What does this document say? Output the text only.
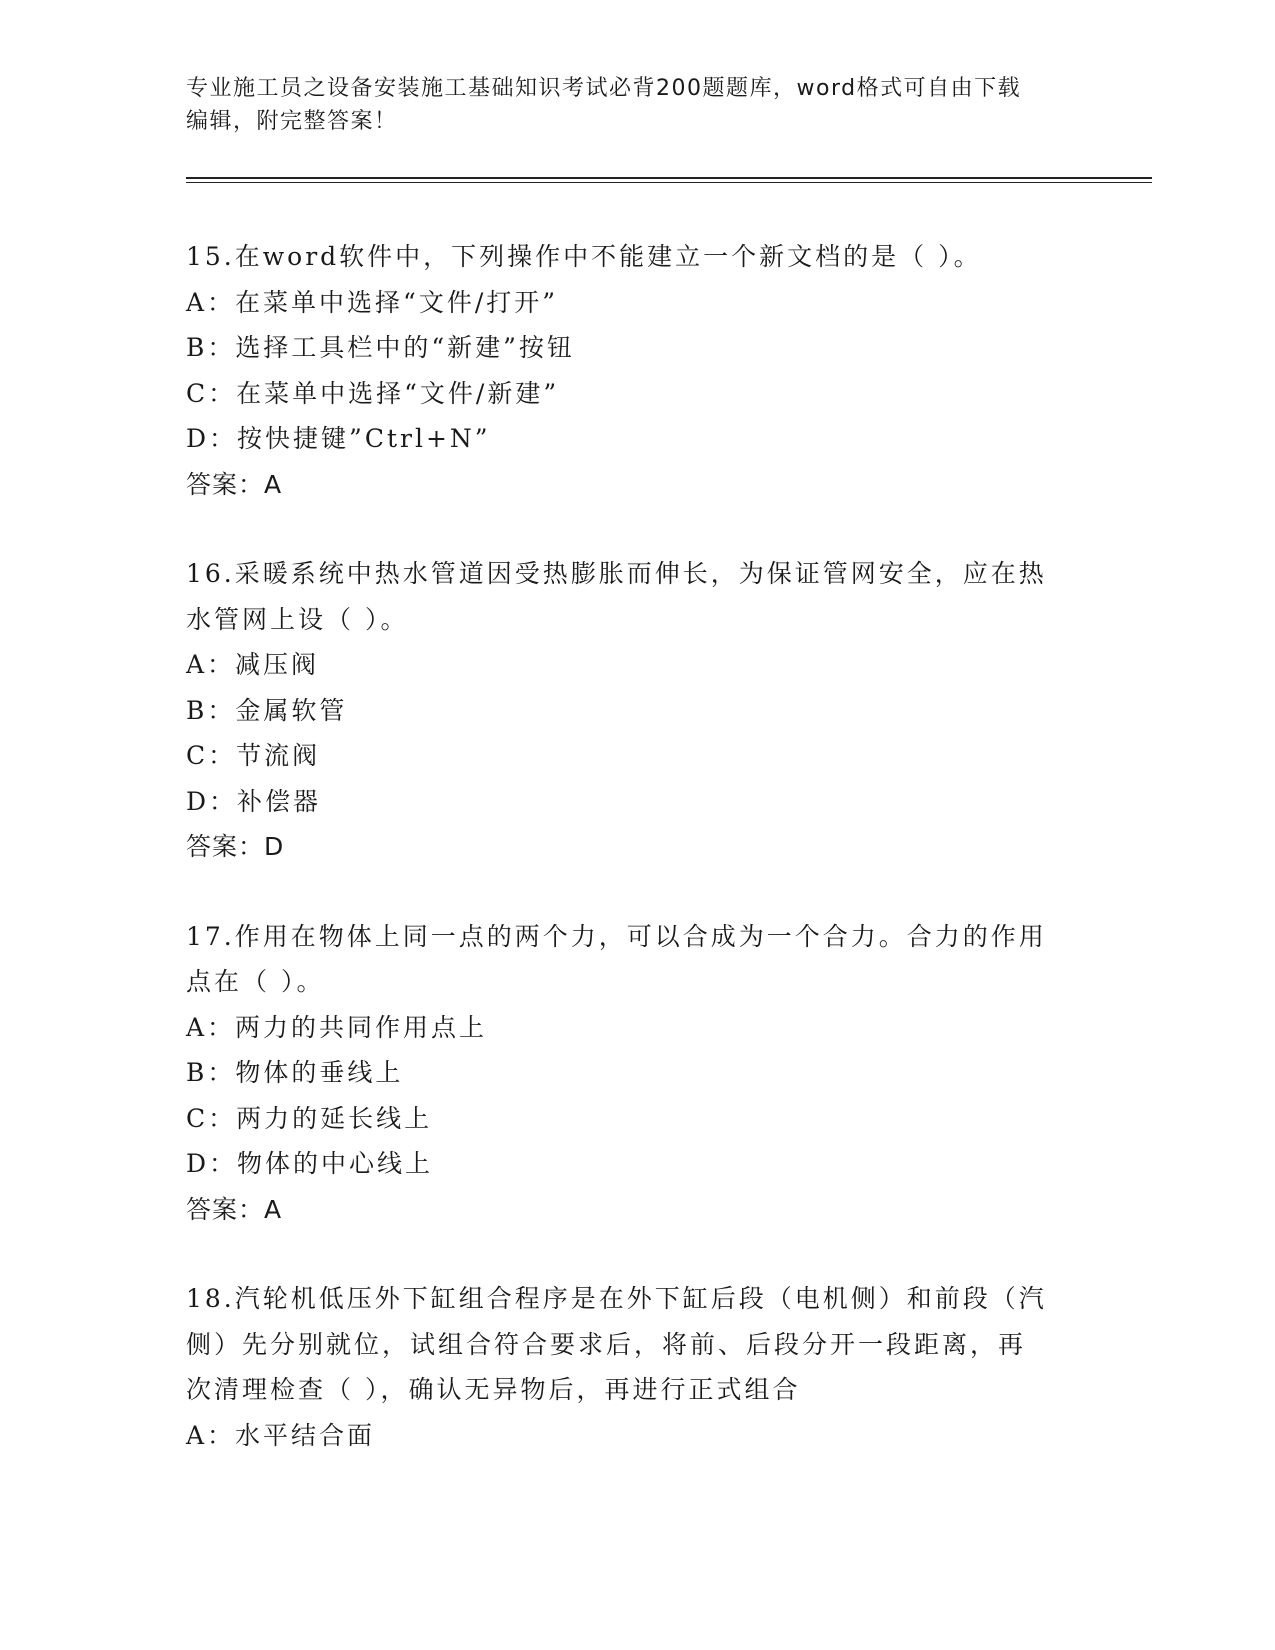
专业施工员之设备安装施工基础知识考试必背200题题库，word格式可自由下载
编辑，附完整答案！
15.在word软件中，下列操作中不能建立一个新文档的是（ ）。
A：在菜单中选择“文件/打开”
B：选择工具栏中的“新建”按钮
C：在菜单中选择“文件/新建”
D：按快捷键”Ctrl+N”
答案：A
16.采暖系统中热水管道因受热膨胀而伸长，为保证管网安全，应在热
水管网上设（ ）。
A：减压阀
B：金属软管
C：节流阀
D：补偿器
答案：D
17.作用在物体上同一点的两个力，可以合成为一个合力。合力的作用
点在（ ）。
A：两力的共同作用点上
B：物体的垂线上
C：两力的延长线上
D：物体的中心线上
答案：A
18.汽轮机低压外下缸组合程序是在外下缸后段（电机侧）和前段（汽
侧）先分别就位，试组合符合要求后，将前、后段分开一段距离，再
次清理检查（ ），确认无异物后，再进行正式组合
A：水平结合面
